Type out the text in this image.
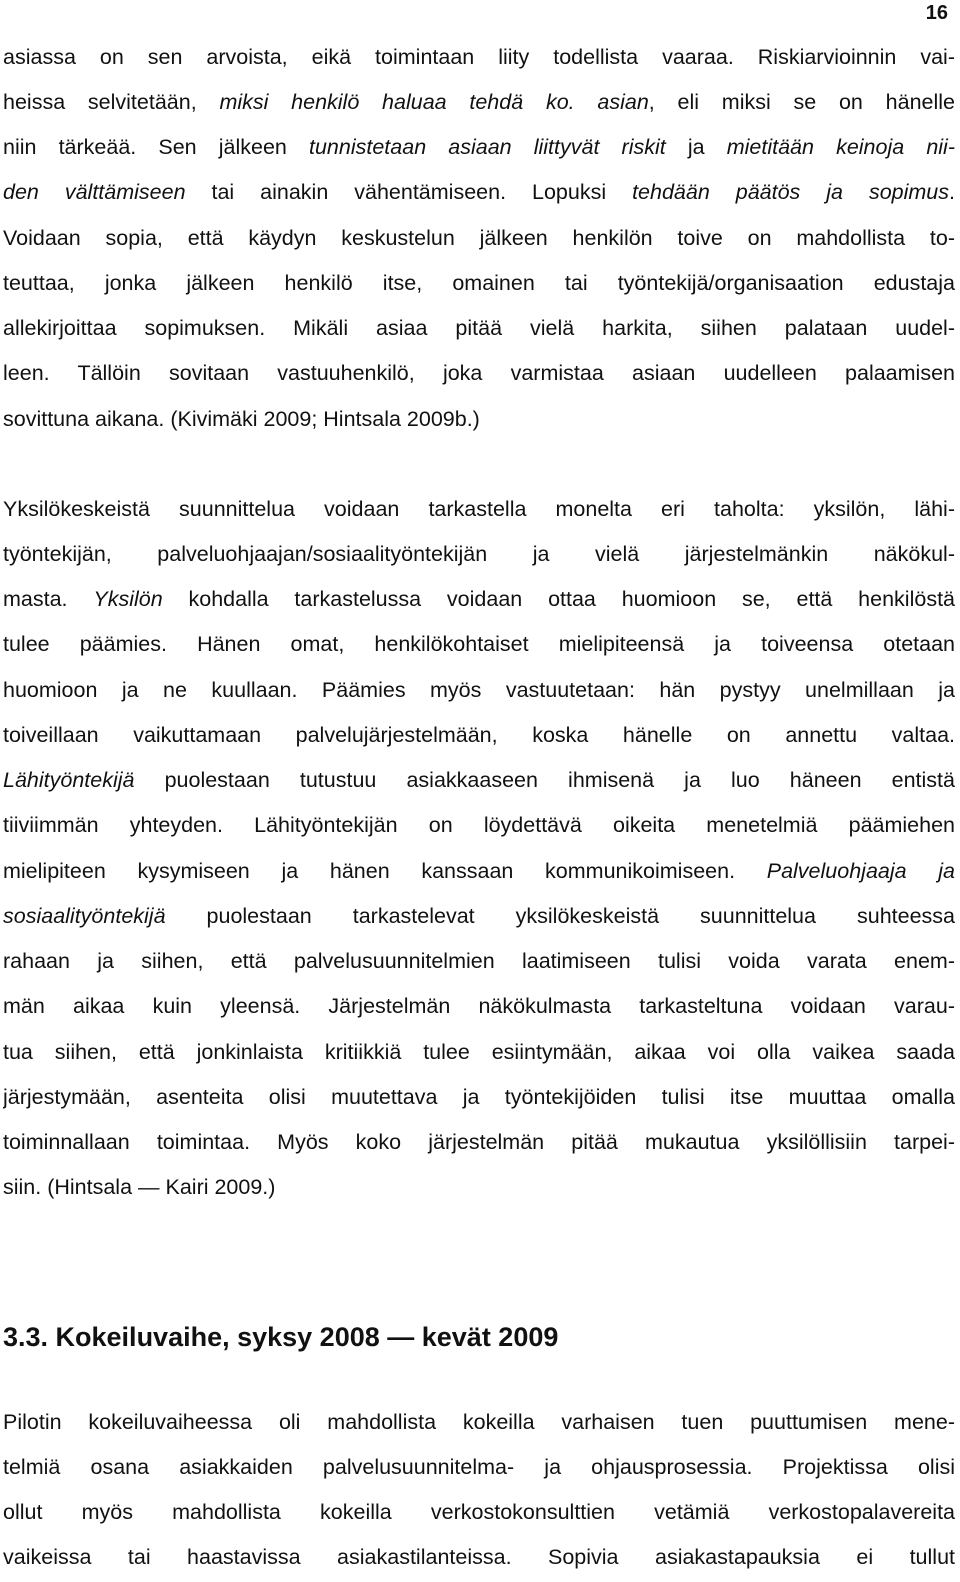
16
asiassa on sen arvoista, eikä toimintaan liity todellista vaaraa. Riskiarvioinnin vai-
heissa selvitetään, miksi henkilö haluaa tehdä ko. asian, eli miksi se on hänelle
niin tärkeää. Sen jälkeen tunnistetaan asiaan liittyvät riskit ja mietitään keinoja nii-
den välttämiseen tai ainakin vähentämiseen. Lopuksi tehdään päätös ja sopimus.
Voidaan sopia, että käydyn keskustelun jälkeen henkilön toive on mahdollista to-
teuttaa, jonka jälkeen henkilö itse, omainen tai työntekijä/organisaation edustaja
allekirjoittaa sopimuksen. Mikäli asiaa pitää vielä harkita, siihen palataan uudel-
leen. Tällöin sovitaan vastuuhenkilö, joka varmistaa asiaan uudelleen palaamisen
sovittuna aikana. (Kivimäki 2009; Hintsala 2009b.)
Yksilökeskeistä suunnittelua voidaan tarkastella monelta eri taholta: yksilön, lähi-
työntekijän, palveluohjaajan/sosiaalityöntekijän ja vielä järjestelmänkin näkökul-
masta. Yksilön kohdalla tarkastelussa voidaan ottaa huomioon se, että henkilöstä
tulee päämies. Hänen omat, henkilökohtaiset mielipiteensä ja toiveensa otetaan
huomioon ja ne kuullaan. Päämies myös vastuutetaan: hän pystyy unelmillaan ja
toiveillaan vaikuttamaan palvelujärjestelmään, koska hänelle on annettu valtaa.
Lähityöntekijä puolestaan tutustuu asiakkaaseen ihmisenä ja luo häneen entistä
tiiviimmän yhteyden. Lähityöntekijän on löydettävä oikeita menetelmiä päämiehen
mielipiteen kysymiseen ja hänen kanssaan kommunikoimiseen. Palveluohjaaja ja
sosiaalityöntekijä puolestaan tarkastelevat yksilökeskeistä suunnittelua suhteessa
rahaan ja siihen, että palvelusuunnitelmien laatimiseen tulisi voida varata enem-
män aikaa kuin yleensä. Järjestelmän näkökulmasta tarkasteltuna voidaan varau-
tua siihen, että jonkinlaista kritiikkiä tulee esiintymään, aikaa voi olla vaikea saada
järjestymään, asenteita olisi muutettava ja työntekijöiden tulisi itse muuttaa omalla
toiminnallaan toimintaa. Myös koko järjestelmän pitää mukautua yksilöllisiin tarpei-
siin. (Hintsala — Kairi 2009.)
3.3. Kokeiluvaihe, syksy 2008 — kevät 2009
Pilotin kokeiluvaiheessa oli mahdollista kokeilla varhaisen tuen puuttumisen mene-
telmiä osana asiakkaiden palvelusuunnitelma- ja ohjausprosessia. Projektissa olisi
ollut myös mahdollista kokeilla verkostokonsulttien vetämiä verkostopalavereita
vaikeissa tai haastavissa asiakastilanteissa. Sopivia asiakastapauksia ei tullut
